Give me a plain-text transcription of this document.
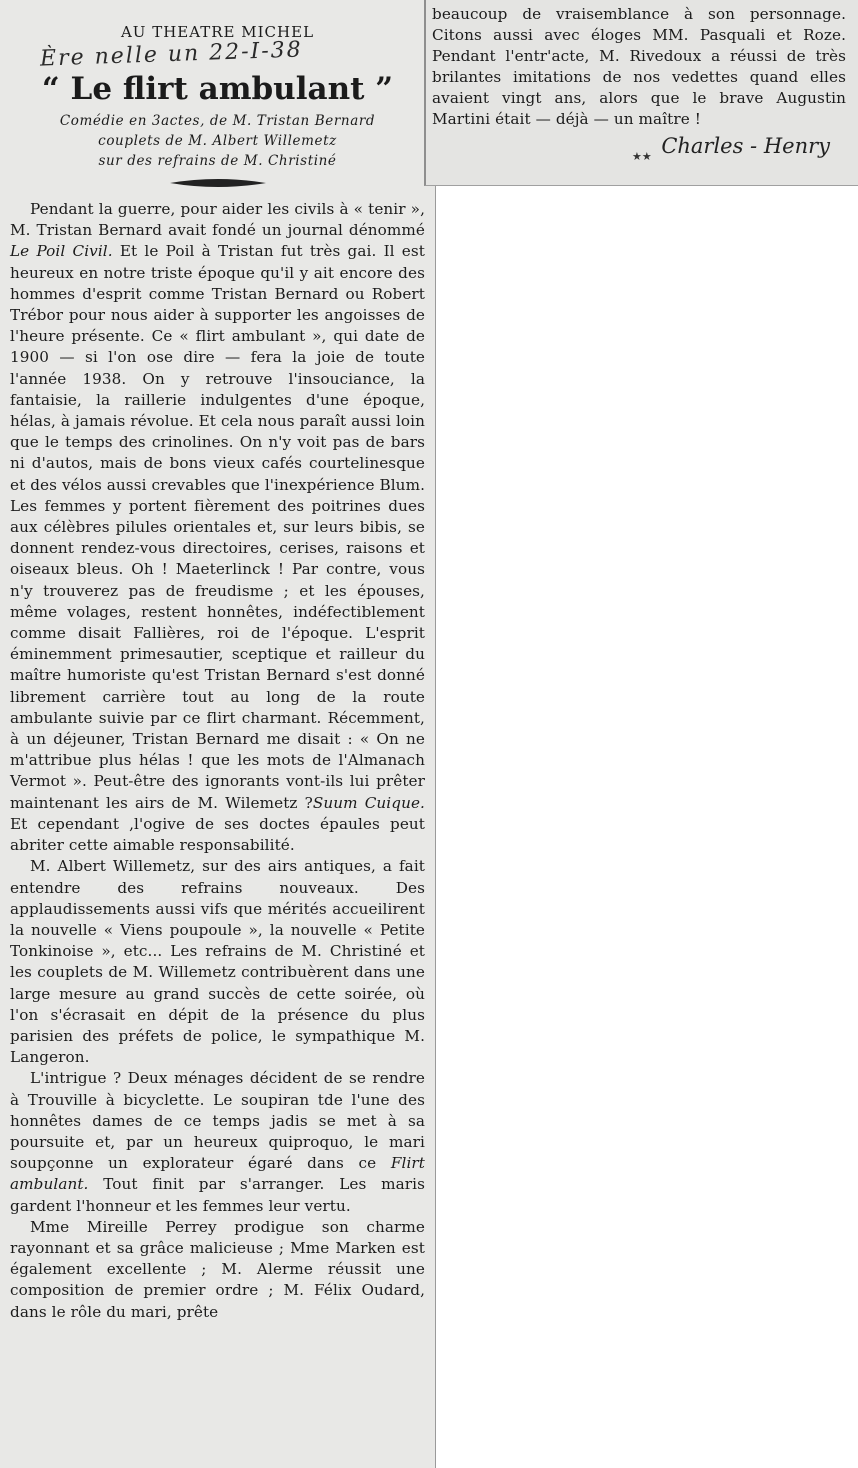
Ère nelle un 22-I-38
AU THEATRE MICHEL
“ Le flirt ambulant ”
Comédie en 3actes, de M. Tristan Bernard
couplets de M. Albert Willemetz
sur des refrains de M. Christiné

Pendant la guerre, pour aider les civils à « tenir », M. Tristan Bernard avait fondé un journal dénommé Le Poil Civil. Et le Poil à Tristan fut très gai. Il est heureux en notre triste époque qu'il y ait encore des hommes d'esprit comme Tristan Bernard ou Robert Trébor pour nous aider à supporter les angoisses de l'heure présente. Ce « flirt ambulant », qui date de 1900 — si l'on ose dire — fera la joie de toute l'année 1938. On y retrouve l'insouciance, la fantaisie, la raillerie indulgentes d'une époque, hélas, à jamais révolue. Et cela nous paraît aussi loin que le temps des crinolines. On n'y voit pas de bars ni d'autos, mais de bons vieux cafés courtelinesque et des vélos aussi crevables que l'inexpérience Blum. Les femmes y portent fièrement des poitrines dues aux célèbres pilules orientales et, sur leurs bibis, se donnent rendez-vous directoires, cerises, raisons et oiseaux bleus. Oh ! Maeterlinck ! Par contre, vous n'y trouverez pas de freudisme ; et les épouses, même volages, restent honnêtes, indéfectiblement comme disait Fallières, roi de l'époque. L'esprit éminemment primesautier, sceptique et railleur du maître humoriste qu'est Tristan Bernard s'est donné librement carrière tout au long de la route ambulante suivie par ce flirt charmant. Récemment, à un déjeuner, Tristan Bernard me disait : « On ne m'attribue plus hélas ! que les mots de l'Almanach Vermot ». Peut-être des ignorants vont-ils lui prêter maintenant les airs de M. Wilemetz ?Suum Cuique. Et cependant ,l'ogive de ses doctes épaules peut abriter cette aimable responsabilité.

M. Albert Willemetz, sur des airs antiques, a fait entendre des refrains nouveaux. Des applaudissements aussi vifs que mérités accueilirent la nouvelle « Viens poupoule », la nouvelle « Petite Tonkinoise », etc... Les refrains de M. Christiné et les couplets de M. Willemetz contribuèrent dans une large mesure au grand succès de cette soirée, où l'on s'écrasait en dépit de la présence du plus parisien des préfets de police, le sympathique M. Langeron.

L'intrigue ? Deux ménages décident de se rendre à Trouville à bicyclette. Le soupiran tde l'une des honnêtes dames de ce temps jadis se met à sa poursuite et, par un heureux quiproquo, le mari soupçonne un explorateur égaré dans ce Flirt ambulant. Tout finit par s'arranger. Les maris gardent l'honneur et les femmes leur vertu.

Mme Mireille Perrey prodigue son charme rayonnant et sa grâce malicieuse ; Mme Marken est également excellente ; M. Alerme réussit une composition de premier ordre ; M. Félix Oudard, dans le rôle du mari, prête

beaucoup de vraisemblance à son personnage. Citons aussi avec éloges MM. Pasquali et Roze. Pendant l'entr'acte, M. Rivedoux a réussi de très brilantes imitations de nos vedettes quand elles avaient vingt ans, alors que le brave Augustin Martini était — déjà — un maître !

★★ Charles - Henry
